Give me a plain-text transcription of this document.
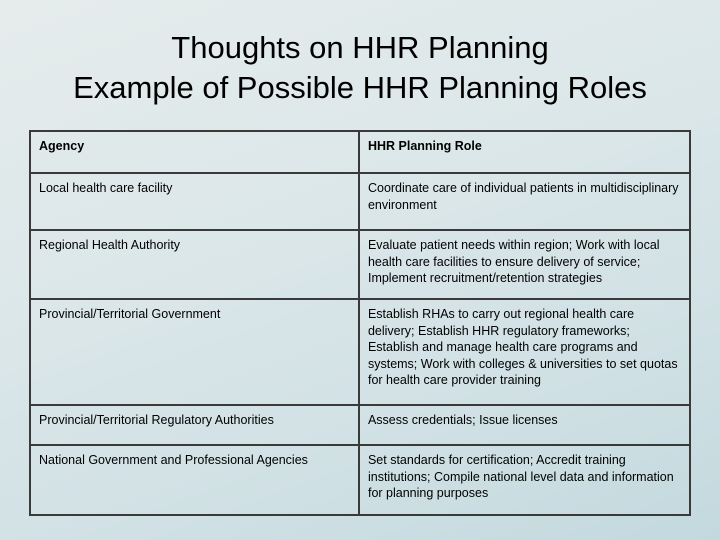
Thoughts on HHR Planning
Example of Possible HHR Planning Roles
Agency	HHR Planning Role
Local health care facility	Coordinate care of individual patients in multidisciplinary environment
Regional Health Authority	Evaluate patient needs within region; Work with local health care facilities to ensure delivery of service; Implement recruitment/retention strategies
Provincial/Territorial Government	Establish RHAs to carry out regional health care delivery; Establish HHR regulatory frameworks; Establish and manage health care programs and systems; Work with colleges & universities to set quotas for health care provider training
Provincial/Territorial Regulatory Authorities	Assess credentials; Issue licenses
National Government and Professional Agencies	Set standards for certification; Accredit training institutions; Compile national level data and information for planning purposes
